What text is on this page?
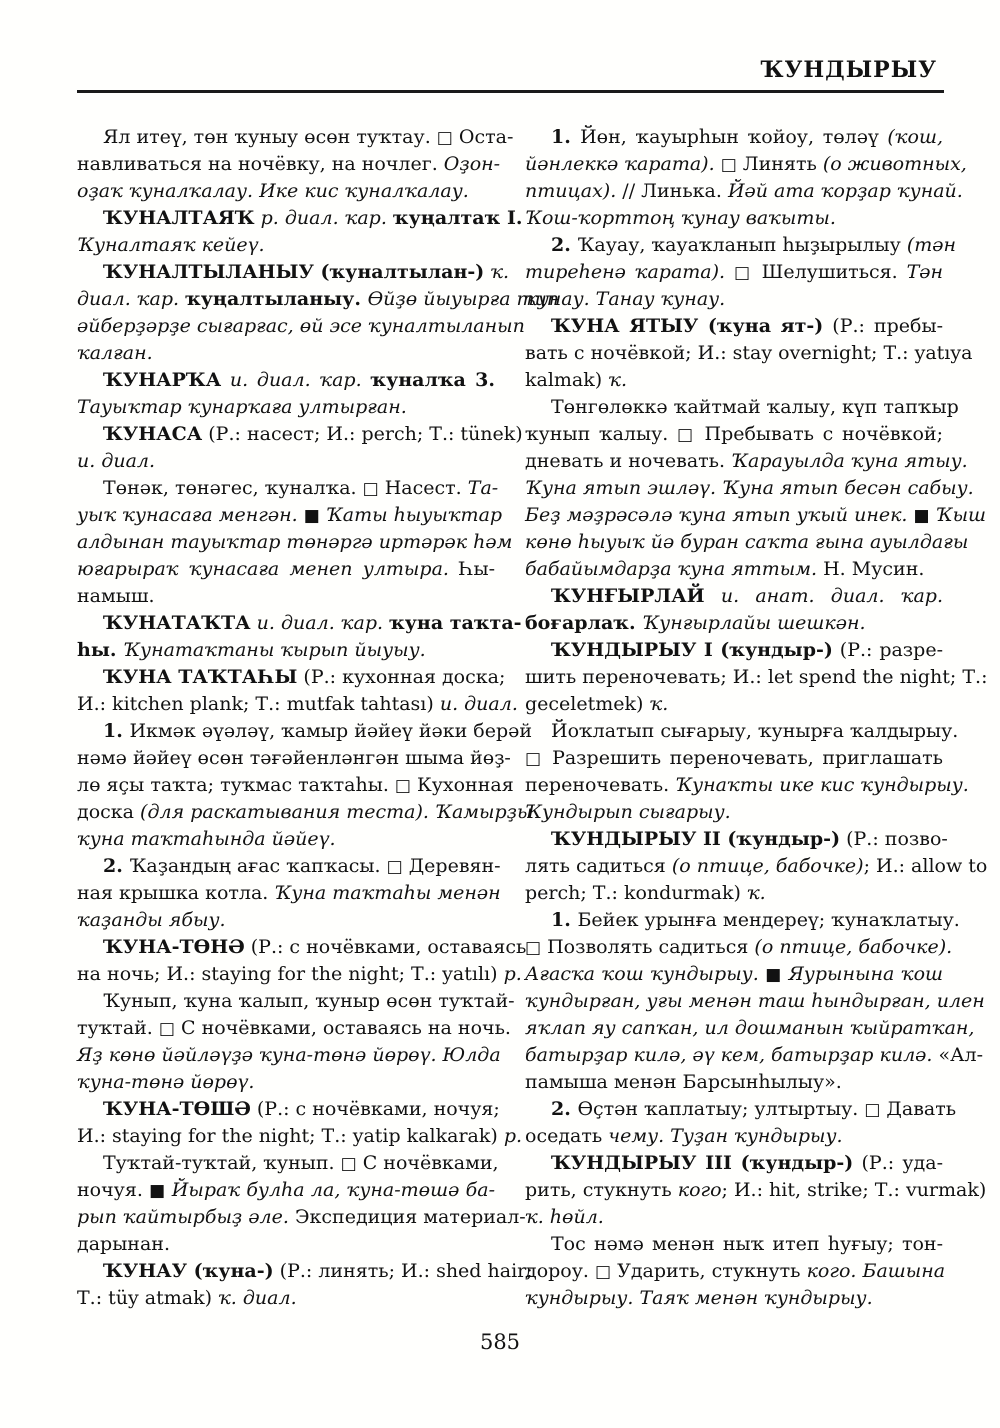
ҠУНДЫРЫУ
Ял итеү, төн ҡуныу өсөн туҡтау. □ Оста-
навливаться на ночёвку, на ночлег. Оҙон-
оҙаҡ ҡуналҡалау. Ике кис ҡуналҡалау.
ҠУНАЛТАЯҠ р. диал. ҡар. ҡуңалтаҡ I.
Ҡуналтаяҡ кейеү.
ҠУНАЛТЫЛАНЫУ (ҡуналтылан-) ҡ.
диал. ҡар. ҡуңалтыланыу. Өйҙө йыуырға тип
әйберҙәрҙе сығарғас, өй эсе ҡуналтыланып
ҡалған.
ҠУНАРҠА и. диал. ҡар. ҡуналҡа 3.
Тауыҡтар ҡунарҡаға ултырған.
ҠУНАСА (Р.: насест; И.: perch; Т.: tünek)
и. диал.
Төнәк, төнәгес, ҡуналҡа. □ Насест. Та-
уыҡ ҡунасаға менгән. ■ Ҡаты һыуыҡтар
алдынан тауыҡтар төнәргә иртәрәк һәм
юғарыраҡ ҡунасаға менеп ултыра. Һы-
намыш.
ҠУНАТАҠТА и. диал. ҡар. ҡуна таҡта-
һы. Ҡунатаҡтаны ҡырып йыуыу.
ҠУНА ТАҠТАҺЫ (Р.: кухонная доска;
И.: kitchen plank; Т.: mutfak tahtası) и. диал.
1. Икмәк әүәләү, ҡамыр йәйеү йәки берәй
нәмә йәйеү өсөн тәғәйенләнгән шыма йөҙ-
лө яҫы таҡта; туҡмас таҡтаһы. □ Кухонная
доска (для раскатывания теста). Ҡамырҙы
ҡуна таҡтаһында йәйеү.
2. Ҡаҙандың ағас ҡапҡасы. □ Деревян-
ная крышка котла. Ҡуна таҡтаһы менән
ҡаҙанды ябыу.
ҠУНА-ТӨНӘ (Р.: с ночёвками, оставаясь
на ночь; И.: staying for the night; Т.: yatılı) р.
Ҡунып, ҡуна ҡалып, ҡуныр өсөн туҡтай-
туҡтай. □ С ночёвками, оставаясь на ночь.
Яҙ көнө йәйләүҙә ҡуна-төнә йөрөү. Юлда
ҡуна-төнә йөрөү.
ҠУНА-ТӨШӘ (Р.: с ночёвками, ночуя;
И.: staying for the night; Т.: yatip kalkarak) р.
Туҡтай-туҡтай, ҡунып. □ С ночёвками,
ночуя. ■ Йыраҡ булһа ла, ҡуна-төшә ба-
рып ҡайтырбыҙ әле. Экспедиция материал-
дарынан.
ҠУНАУ (ҡуна-) (Р.: линять; И.: shed hair;
Т.: tüy atmak) ҡ. диал.
1. Йөн, ҡауырһын ҡойоу, төләү (ҡош,
йәнлеккә ҡарата). □ Линять (о животных,
птицах). // Линька. Йәй ата ҡорҙар ҡунай.
Ҡош-ҡорттоң ҡунау ваҡыты.
2. Ҡауау, ҡауаҡланып һыҙырылыу (тән
тиреһенә ҡарата). □ Шелушиться. Тән
ҡунау. Танау ҡунау.
ҠУНА ЯТЫУ (ҡуна ят-) (Р.: пребы-
вать с ночёвкой; И.: stay overnight; Т.: yatıya
kalmak) ҡ.
Төнгөлөккә ҡайтмай ҡалыу, күп тапҡыр
ҡунып ҡалыу. □ Пребывать с ночёвкой;
дневать и ночевать. Ҡарауылда ҡуна ятыу.
Ҡуна ятып эшләү. Ҡуна ятып бесән сабыу.
Беҙ мәҙрәсәлә ҡуна ятып уҡый инек. ■ Ҡыш
көнө һыуыҡ йә буран саҡта ғына ауылдағы
бабайымдарҙа ҡуна яттым. Н. Мусин.
ҠУНҒЫРЛАЙ и. анат. диал. ҡар.
боғарлаҡ. Ҡунғырлайы шешкән.
ҠУНДЫРЫУ I (ҡундыр-) (Р.: разре-
шить переночевать; И.: let spend the night; Т.:
geceletmek) ҡ.
Йоҡлатып сығарыу, ҡунырға ҡалдырыу.
□ Разрешить переночевать, приглашать
переночевать. Ҡунаҡты ике кис ҡундырыу.
Ҡундырып сығарыу.
ҠУНДЫРЫУ II (ҡундыр-) (Р.: позво-
лять садиться (о птице, бабочке); И.: allow to
perch; Т.: kondurmak) ҡ.
1. Бейек урынға мендереү; ҡунаҡлатыу.
□ Позволять садиться (о птице, бабочке).
Ағасҡа ҡош ҡундырыу. ■ Яурынына ҡош
ҡундырған, уғы менән таш һындырған, илен
яҡлап яу сапҡан, ил дошманын ҡыйратҡан,
батырҙар килә, әү кем, батырҙар килә. «Ал-
памыша менән Барсынһылыу».
2. Өҫтән ҡаплатыу; ултыртыу. □ Давать
оседать чему. Туҙан ҡундырыу.
ҠУНДЫРЫУ III (ҡундыр-) (Р.: уда-
рить, стукнуть кого; И.: hit, strike; Т.: vurmak)
ҡ. һөйл.
Тос нәмә менән ныҡ итеп һуғыу; тон-
дороу. □ Ударить, стукнуть кого. Башына
ҡундырыу. Таяҡ менән ҡундырыу.
585
